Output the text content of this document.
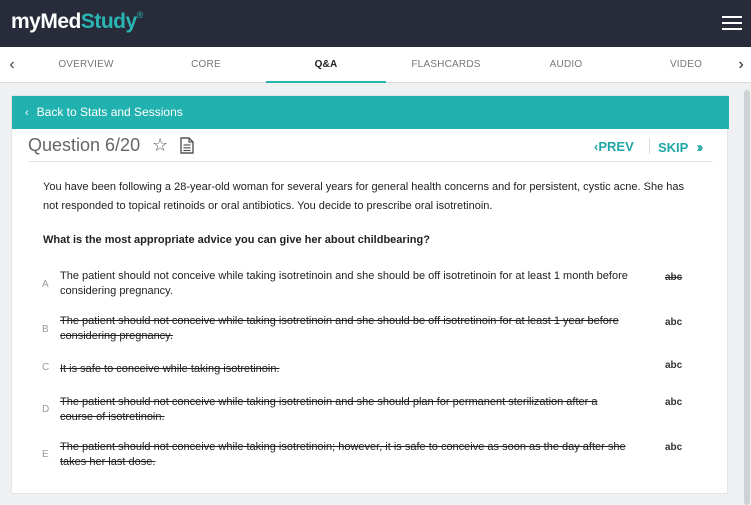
myMedStudy®
‹	OVERVIEW	CORE	Q&A	FLASHCARDS	AUDIO	VIDEO	›
‹ Back to Stats and Sessions
Question 6/20 ☆	‹PREV SKIP ››
You have been following a 28-year-old woman for several years for general health concerns and for persistent, cystic acne. She has not responded to topical retinoids or oral antibiotics. You decide to prescribe oral isotretinoin.
What is the most appropriate advice you can give her about childbearing?
A
The patient should not conceive while taking isotretinoin and she should be off isotretinoin for at least 1 month before considering pregnancy.
abc
B
The patient should not conceive while taking isotretinoin and she should be off isotretinoin for at least 1 year before considering pregnancy.
abc
C It is safe to conceive while taking isotretinoin.	abc
D
The patient should not conceive while taking isotretinoin and she should plan for permanent sterilization after a course of isotretinoin.
abc
E
The patient should not conceive while taking isotretinoin; however, it is safe to conceive as soon as the day after she takes her last dose.
abc
